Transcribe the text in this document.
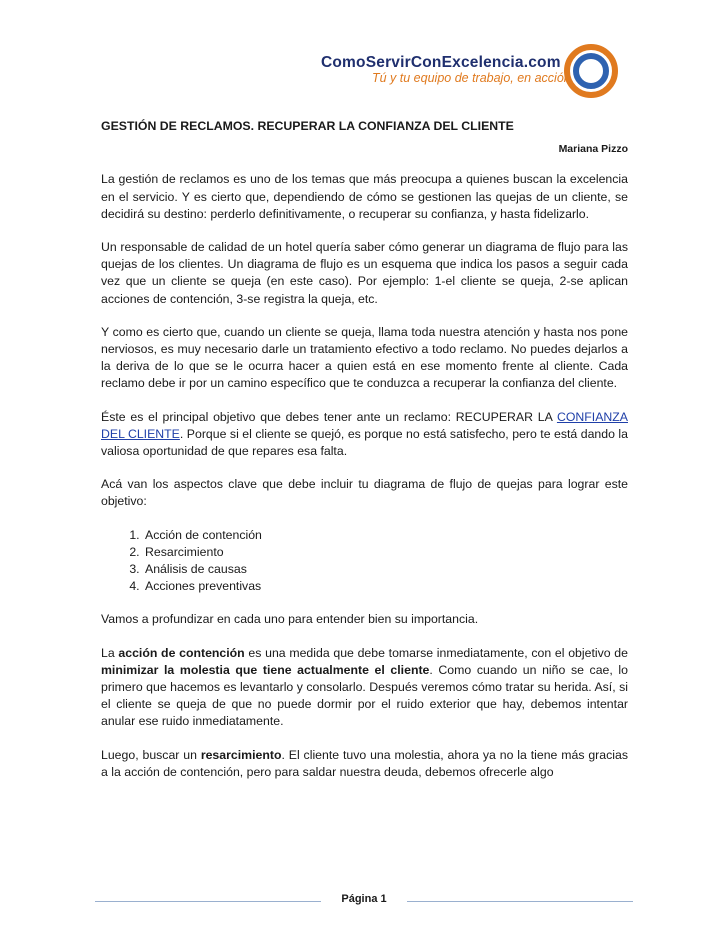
ComoServirConExcelencia.com
Tú y tu equipo de trabajo, en acción
GESTIÓN DE RECLAMOS. RECUPERAR LA CONFIANZA DEL CLIENTE
Mariana Pizzo

La gestión de reclamos es uno de los temas que más preocupa a quienes buscan la excelencia en el servicio. Y es cierto que, dependiendo de cómo se gestionen las quejas de un cliente, se decidirá su destino: perderlo definitivamente, o recuperar su confianza, y hasta fidelizarlo.

Un responsable de calidad de un hotel quería saber cómo generar un diagrama de flujo para las quejas de los clientes. Un diagrama de flujo es un esquema que indica los pasos a seguir cada vez que un cliente se queja (en este caso). Por ejemplo: 1-el cliente se queja, 2-se aplican acciones de contención, 3-se registra la queja, etc.

Y como es cierto que, cuando un cliente se queja, llama toda nuestra atención y hasta nos pone nerviosos, es muy necesario darle un tratamiento efectivo a todo reclamo. No puedes dejarlos a la deriva de lo que se le ocurra hacer a quien está en ese momento frente al cliente. Cada reclamo debe ir por un camino específico que te conduzca a recuperar la confianza del cliente.

Éste es el principal objetivo que debes tener ante un reclamo: RECUPERAR LA CONFIANZA DEL CLIENTE. Porque si el cliente se quejó, es porque no está satisfecho, pero te está dando la valiosa oportunidad de que repares esa falta.

Acá van los aspectos clave que debe incluir tu diagrama de flujo de quejas para lograr este objetivo:

1. Acción de contención
2. Resarcimiento
3. Análisis de causas
4. Acciones preventivas

Vamos a profundizar en cada uno para entender bien su importancia.

La acción de contención es una medida que debe tomarse inmediatamente, con el objetivo de minimizar la molestia que tiene actualmente el cliente. Como cuando un niño se cae, lo primero que hacemos es levantarlo y consolarlo. Después veremos cómo tratar su herida. Así, si el cliente se queja de que no puede dormir por el ruido exterior que hay, debemos intentar anular ese ruido inmediatamente.

Luego, buscar un resarcimiento. El cliente tuvo una molestia, ahora ya no la tiene más gracias a la acción de contención, pero para saldar nuestra deuda, debemos ofrecerle algo

Página 1
